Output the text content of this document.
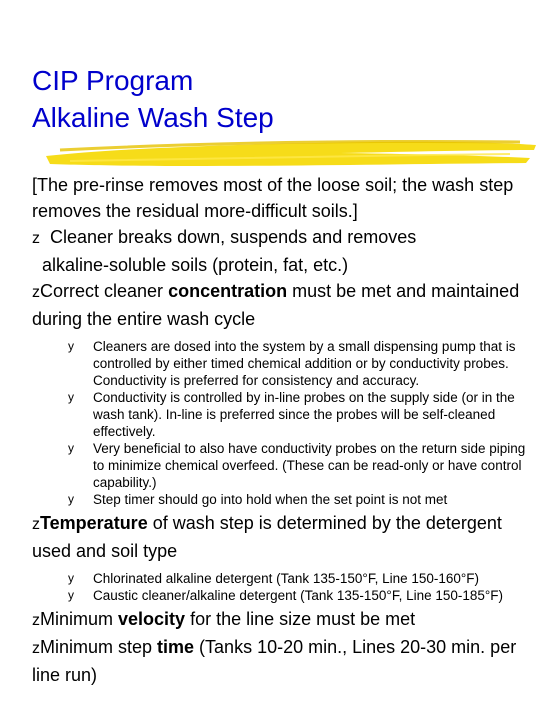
CIP Program
Alkaline Wash Step

[The pre-rinse removes most of the loose soil; the wash step removes the residual more-difficult soils.]

z Cleaner breaks down, suspends and removes
alkaline-soluble soils (protein, fat, etc.)
zCorrect cleaner concentration must be met and maintained during the entire wash cycle
y Cleaners are dosed into the system by a small dispensing pump that is controlled by either timed chemical addition or by conductivity probes. Conductivity is preferred for consistency and accuracy.
y Conductivity is controlled by in-line probes on the supply side (or in the wash tank). In-line is preferred since the probes will be self-cleaned effectively.
y Very beneficial to also have conductivity probes on the return side piping to minimize chemical overfeed. (These can be read-only or have control capability.)
y Step timer should go into hold when the set point is not met
zTemperature of wash step is determined by the detergent used and soil type
y Chlorinated alkaline detergent (Tank 135-150°F, Line 150-160°F)
y Caustic cleaner/alkaline detergent (Tank 135-150°F, Line 150-185°F)
zMinimum velocity for the line size must be met
zMinimum step time (Tanks 10-20 min., Lines 20-30 min. per line run)
